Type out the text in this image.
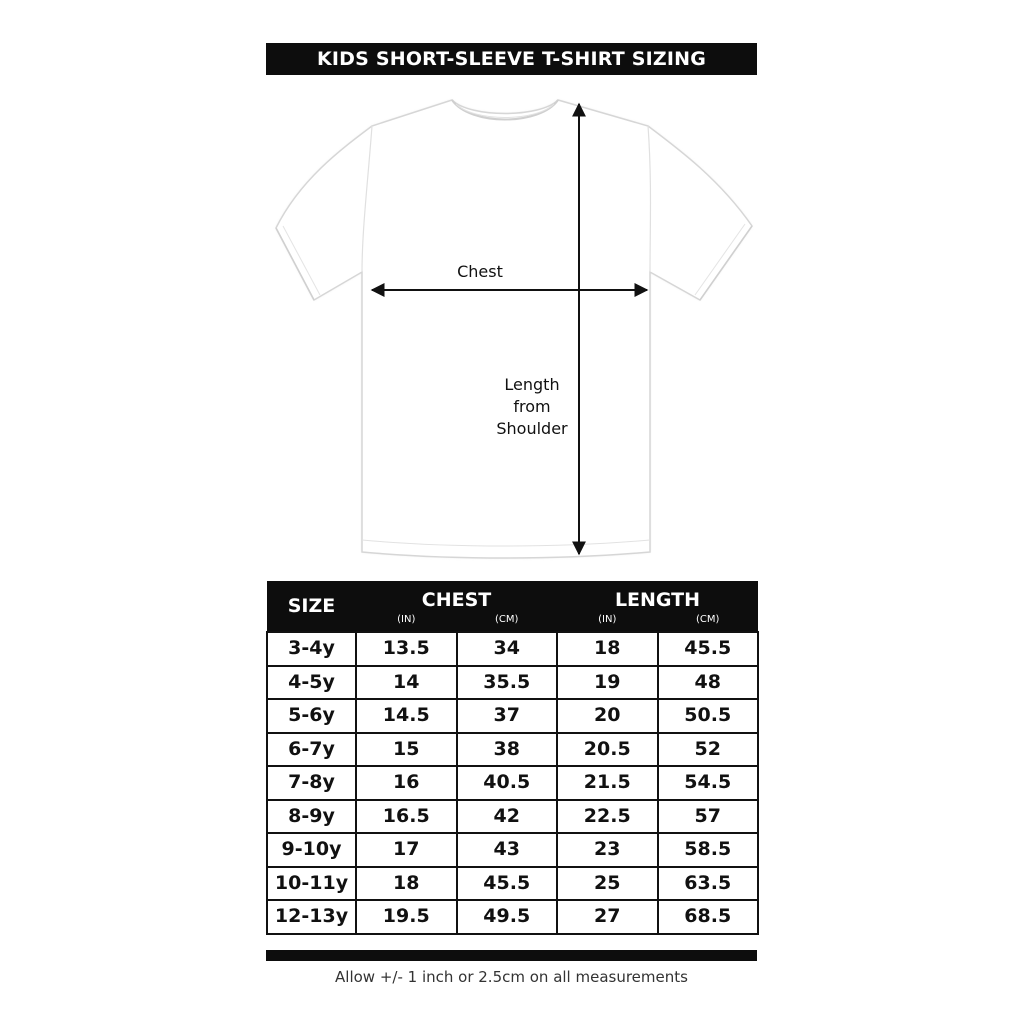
KIDS SHORT-SLEEVE T-SHIRT SIZING
Chest
Length
from
Shoulder
SIZE	CHEST		LENGTH	
	(IN)	(CM)	(IN)	(CM)
3-4y	13.5	34	18	45.5
4-5y	14	35.5	19	48
5-6y	14.5	37	20	50.5
6-7y	15	38	20.5	52
7-8y	16	40.5	21.5	54.5
8-9y	16.5	42	22.5	57
9-10y	17	43	23	58.5
10-11y	18	45.5	25	63.5
12-13y	19.5	49.5	27	68.5
Allow +/- 1 inch or 2.5cm on all measurements
